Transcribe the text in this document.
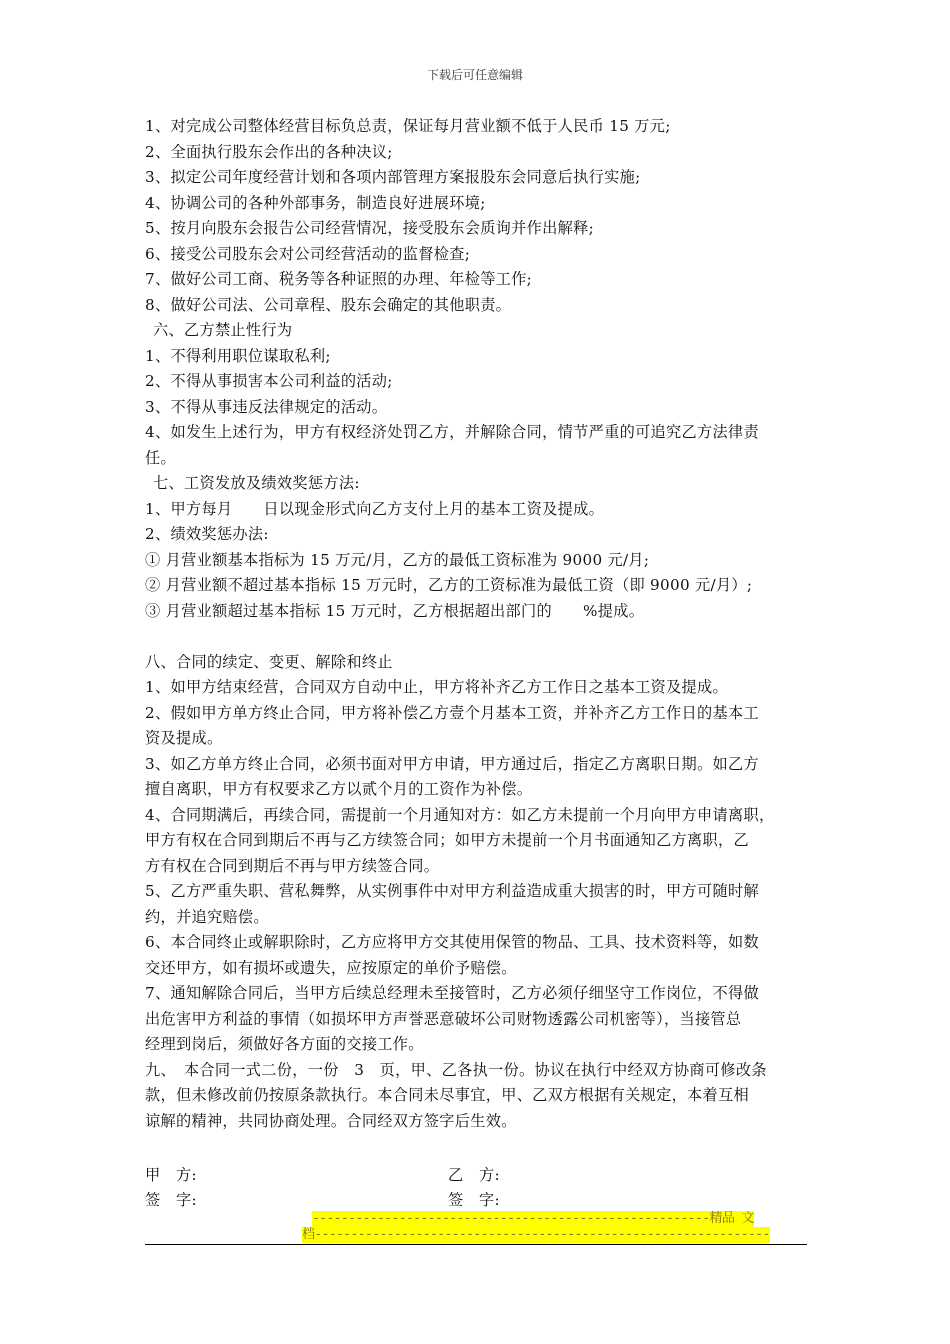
下载后可任意编辑
1、对完成公司整体经营目标负总责，保证每月营业额不低于人民币 15 万元;
2、全面执行股东会作出的各种决议;
3、拟定公司年度经营计划和各项内部管理方案报股东会同意后执行实施;
4、协调公司的各种外部事务，制造良好进展环境;
5、按月向股东会报告公司经营情况，接受股东会质询并作出解释;
6、接受公司股东会对公司经营活动的监督检查;
7、做好公司工商、税务等各种证照的办理、年检等工作;
8、做好公司法、公司章程、股东会确定的其他职责。
六、乙方禁止性行为
1、不得利用职位谋取私利;
2、不得从事损害本公司利益的活动;
3、不得从事违反法律规定的活动。
4、如发生上述行为，甲方有权经济处罚乙方，并解除合同，情节严重的可追究乙方法律责
任。
七、工资发放及绩效奖惩方法:
1、甲方每月　　日以现金形式向乙方支付上月的基本工资及提成。
2、绩效奖惩办法:
① 月营业额基本指标为 15 万元/月，乙方的最低工资标准为 9000 元/月;
② 月营业额不超过基本指标 15 万元时，乙方的工资标准为最低工资（即 9000 元/月）;
③ 月营业额超过基本指标 15 万元时，乙方根据超出部门的　　%提成。
八、合同的续定、变更、解除和终止
1、如甲方结束经营，合同双方自动中止，甲方将补齐乙方工作日之基本工资及提成。
2、假如甲方单方终止合同，甲方将补偿乙方壹个月基本工资，并补齐乙方工作日的基本工
资及提成。
3、如乙方单方终止合同，必须书面对甲方申请，甲方通过后，指定乙方离职日期。如乙方
擅自离职，甲方有权要求乙方以贰个月的工资作为补偿。
4、合同期满后，再续合同，需提前一个月通知对方：如乙方未提前一个月向甲方申请离职，
甲方有权在合同到期后不再与乙方续签合同；如甲方未提前一个月书面通知乙方离职，乙
方有权在合同到期后不再与甲方续签合同。
5、乙方严重失职、营私舞弊，从实例事件中对甲方利益造成重大损害的时，甲方可随时解
约，并追究赔偿。
6、本合同终止或解职除时，乙方应将甲方交其使用保管的物品、工具、技术资料等，如数
交还甲方，如有损坏或遗失，应按原定的单价予赔偿。
7、通知解除合同后，当甲方后续总经理未至接管时，乙方必须仔细坚守工作岗位，不得做
出危害甲方利益的事情（如损坏甲方声誉恶意破坏公司财物透露公司机密等），当接管总
经理到岗后，须做好各方面的交接工作。
九、　本合同一式二份，一份　3　页，甲、乙各执一份。协议在执行中经双方协商可修改条
款，但未修改前仍按原条款执行。本合同未尽事宜，甲、乙双方根据有关规定，本着互相
谅解的精神，共同协商处理。合同经双方签字后生效。
甲　方:	乙　方:
签　字:	签　字:
-------------------------------------------------------精品 文
档---------------------------------------------------------------
